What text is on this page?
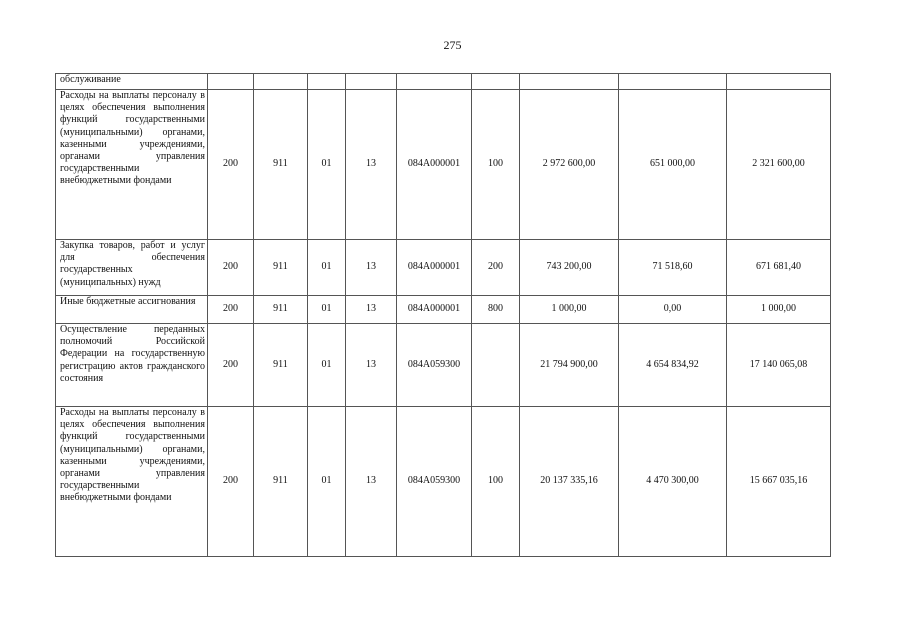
275
обслуживание									

Расходы на выплаты персоналу в целях обеспечения выполнения функций государственными (муниципальными) органами, казенными учреждениями, органами управления государственными внебюджетными фондами	200	911	01	13	084A000001	100	2 972 600,00	651 000,00	2 321 600,00

Закупка товаров, работ и услуг для обеспечения государственных (муниципальных) нужд	200	911	01	13	084A000001	200	743 200,00	71 518,60	671 681,40

Иные бюджетные ассигнования	200	911	01	13	084A000001	800	1 000,00	0,00	1 000,00

Осуществление переданных полномочий Российской Федерации на государственную регистрацию актов гражданского состояния	200	911	01	13	084A059300		21 794 900,00	4 654 834,92	17 140 065,08

Расходы на выплаты персоналу в целях обеспечения выполнения функций государственными (муниципальными) органами, казенными учреждениями, органами управления государственными внебюджетными фондами	200	911	01	13	084A059300	100	20 137 335,16	4 470 300,00	15 667 035,16
